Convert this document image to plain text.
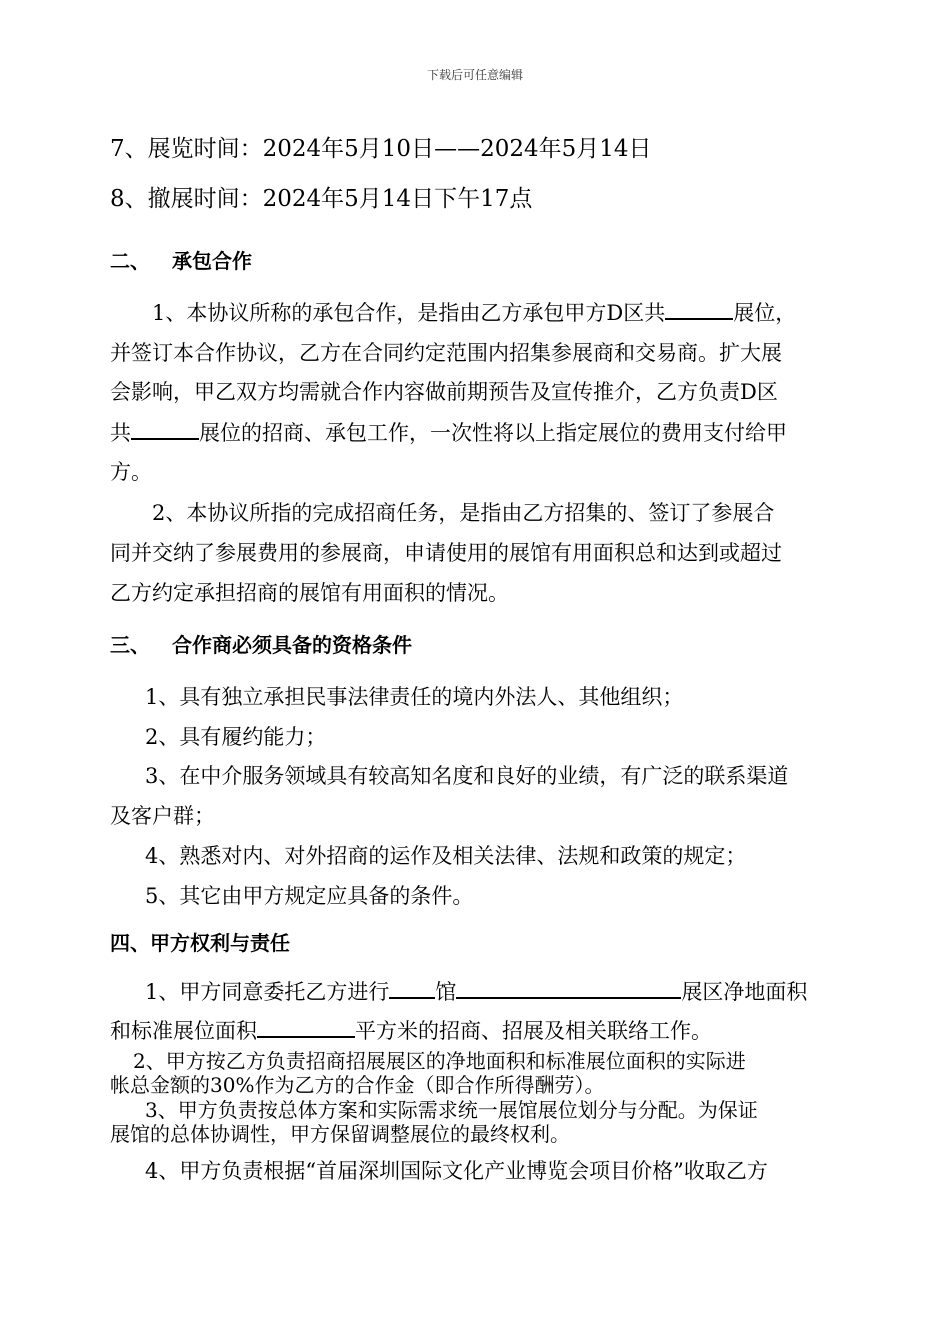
下载后可任意编辑
7、展览时间：2024年5月10日——2024年5月14日
8、撤展时间：2024年5月14日下午17点
二、 承包合作
1、本协议所称的承包合作，是指由乙方承包甲方D区共	展位，
并签订本合作协议，乙方在合同约定范围内招集参展商和交易商。扩大展
会影响，甲乙双方均需就合作内容做前期预告及宣传推介，乙方负责D区
共	展位的招商、承包工作，一次性将以上指定展位的费用支付给甲
方。
2、本协议所指的完成招商任务，是指由乙方招集的、签订了参展合
同并交纳了参展费用的参展商，申请使用的展馆有用面积总和达到或超过
乙方约定承担招商的展馆有用面积的情况。
三、 合作商必须具备的资格条件
1、具有独立承担民事法律责任的境内外法人、其他组织；
2、具有履约能力；
3、在中介服务领域具有较高知名度和良好的业绩，有广泛的联系渠道
及客户群；
4、熟悉对内、对外招商的运作及相关法律、法规和政策的规定；
5、其它由甲方规定应具备的条件。
四、甲方权利与责任
1、甲方同意委托乙方进行 馆	展区净地面积
和标准展位面积	平方米的招商、招展及相关联络工作。
2、甲方按乙方负责招商招展展区的净地面积和标准展位面积的实际进
帐总金额的30%作为乙方的合作金（即合作所得酬劳）。
3、甲方负责按总体方案和实际需求统一展馆展位划分与分配。为保证
展馆的总体协调性，甲方保留调整展位的最终权利。
4、甲方负责根据“首届深圳国际文化产业博览会项目价格”收取乙方
